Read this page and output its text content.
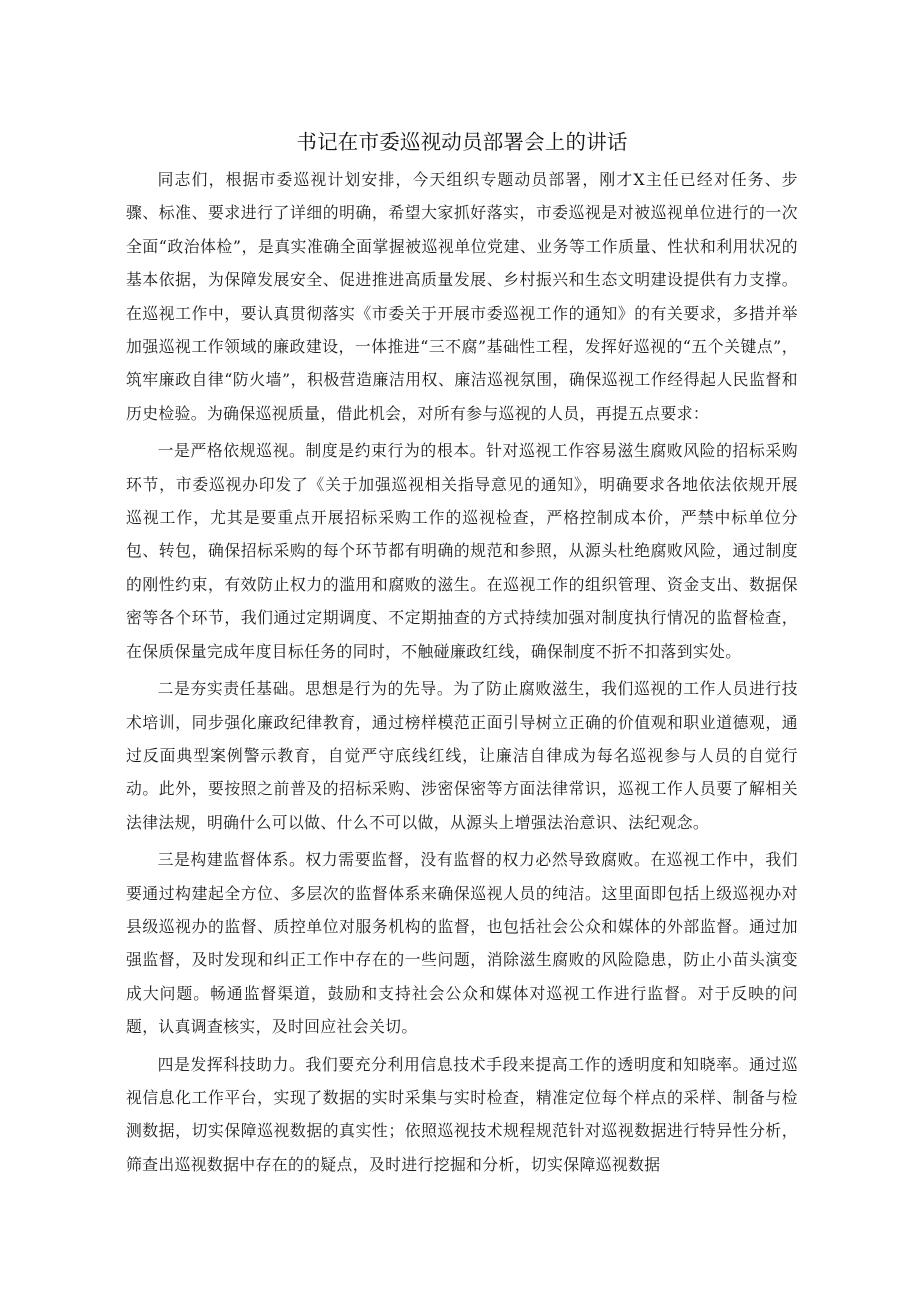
书记在市委巡视动员部署会上的讲话

同志们，根据市委巡视计划安排，今天组织专题动员部署，刚才X主任已经对任务、步骤、标准、要求进行了详细的明确，希望大家抓好落实，市委巡视是对被巡视单位进行的一次全面“政治体检”，是真实准确全面掌握被巡视单位党建、业务等工作质量、性状和利用状况的基本依据，为保障发展安全、促进推进高质量发展、乡村振兴和生态文明建设提供有力支撑。在巡视工作中，要认真贯彻落实《市委关于开展市委巡视工作的通知》的有关要求，多措并举加强巡视工作领域的廉政建设，一体推进“三不腐”基础性工程，发挥好巡视的“五个关键点”，筑牢廉政自律“防火墙”，积极营造廉洁用权、廉洁巡视氛围，确保巡视工作经得起人民监督和历史检验。为确保巡视质量，借此机会，对所有参与巡视的人员，再提五点要求：

一是严格依规巡视。制度是约束行为的根本。针对巡视工作容易滋生腐败风险的招标采购环节，市委巡视办印发了《关于加强巡视相关指导意见的通知》，明确要求各地依法依规开展巡视工作，尤其是要重点开展招标采购工作的巡视检查，严格控制成本价，严禁中标单位分包、转包，确保招标采购的每个环节都有明确的规范和参照，从源头杜绝腐败风险，通过制度的刚性约束，有效防止权力的滥用和腐败的滋生。在巡视工作的组织管理、资金支出、数据保密等各个环节，我们通过定期调度、不定期抽查的方式持续加强对制度执行情况的监督检查，在保质保量完成年度目标任务的同时，不触碰廉政红线，确保制度不折不扣落到实处。

二是夯实责任基础。思想是行为的先导。为了防止腐败滋生，我们巡视的工作人员进行技术培训，同步强化廉政纪律教育，通过榜样模范正面引导树立正确的价值观和职业道德观，通过反面典型案例警示教育，自觉严守底线红线，让廉洁自律成为每名巡视参与人员的自觉行动。此外，要按照之前普及的招标采购、涉密保密等方面法律常识，巡视工作人员要了解相关法律法规，明确什么可以做、什么不可以做，从源头上增强法治意识、法纪观念。

三是构建监督体系。权力需要监督，没有监督的权力必然导致腐败。在巡视工作中，我们要通过构建起全方位、多层次的监督体系来确保巡视人员的纯洁。这里面即包括上级巡视办对县级巡视办的监督、质控单位对服务机构的监督，也包括社会公众和媒体的外部监督。通过加强监督，及时发现和纠正工作中存在的一些问题，消除滋生腐败的风险隐患，防止小苗头演变成大问题。畅通监督渠道，鼓励和支持社会公众和媒体对巡视工作进行监督。对于反映的问题，认真调查核实，及时回应社会关切。

四是发挥科技助力。我们要充分利用信息技术手段来提高工作的透明度和知晓率。通过巡视信息化工作平台，实现了数据的实时采集与实时检查，精准定位每个样点的采样、制备与检测数据，切实保障巡视数据的真实性；依照巡视技术规程规范针对巡视数据进行特异性分析，筛查出巡视数据中存在的的疑点，及时进行挖掘和分析，切实保障巡视数据
